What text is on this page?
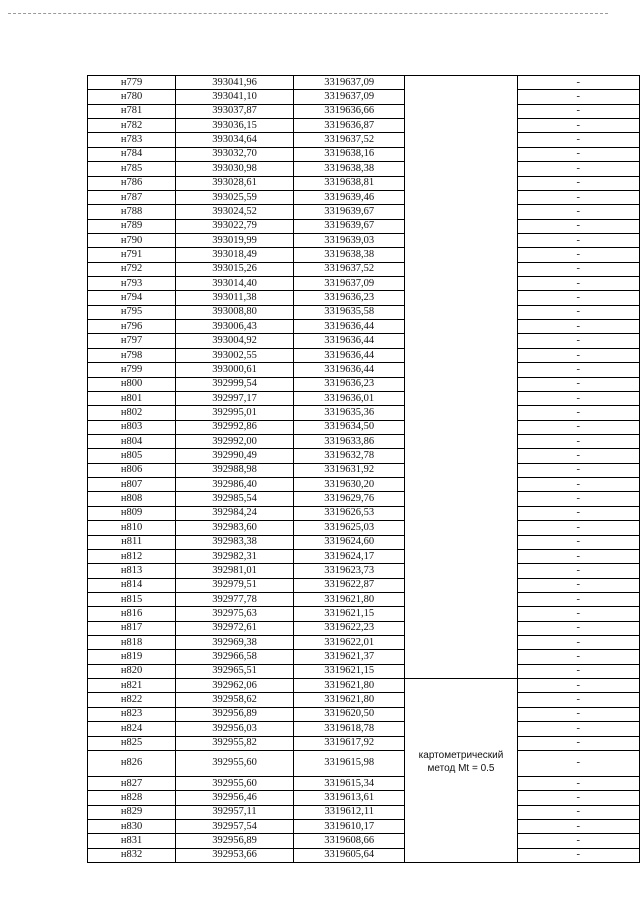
н779	393041,96	3319637,09		-
н780	393041,10	3319637,09		-
н781	393037,87	3319636,66		-
н782	393036,15	3319636,87		-
н783	393034,64	3319637,52		-
н784	393032,70	3319638,16		-
н785	393030,98	3319638,38		-
н786	393028,61	3319638,81		-
н787	393025,59	3319639,46		-
н788	393024,52	3319639,67		-
н789	393022,79	3319639,67		-
н790	393019,99	3319639,03		-
н791	393018,49	3319638,38		-
н792	393015,26	3319637,52		-
н793	393014,40	3319637,09		-
н794	393011,38	3319636,23		-
н795	393008,80	3319635,58		-
н796	393006,43	3319636,44		-
н797	393004,92	3319636,44		-
н798	393002,55	3319636,44		-
н799	393000,61	3319636,44		-
н800	392999,54	3319636,23		-
н801	392997,17	3319636,01		-
н802	392995,01	3319635,36		-
н803	392992,86	3319634,50		-
н804	392992,00	3319633,86		-
н805	392990,49	3319632,78		-
н806	392988,98	3319631,92		-
н807	392986,40	3319630,20		-
н808	392985,54	3319629,76		-
н809	392984,24	3319626,53		-
н810	392983,60	3319625,03		-
н811	392983,38	3319624,60		-
н812	392982,31	3319624,17		-
н813	392981,01	3319623,73		-
н814	392979,51	3319622,87		-
н815	392977,78	3319621,80		-
н816	392975,63	3319621,15		-
н817	392972,61	3319622,23		-
н818	392969,38	3319622,01		-
н819	392966,58	3319621,37		-
н820	392965,51	3319621,15		-
н821	392962,06	3319621,80		-
н822	392958,62	3319621,80		-
н823	392956,89	3319620,50		-
н824	392956,03	3319618,78		-
н825	392955,82	3319617,92		-
н826	392955,60	3319615,98	картометрический метод Mt = 0.5	-
н827	392955,60	3319615,34		-
н828	392956,46	3319613,61		-
н829	392957,11	3319612,11		-
н830	392957,54	3319610,17		-
н831	392956,89	3319608,66		-
н832	392953,66	3319605,64		-
